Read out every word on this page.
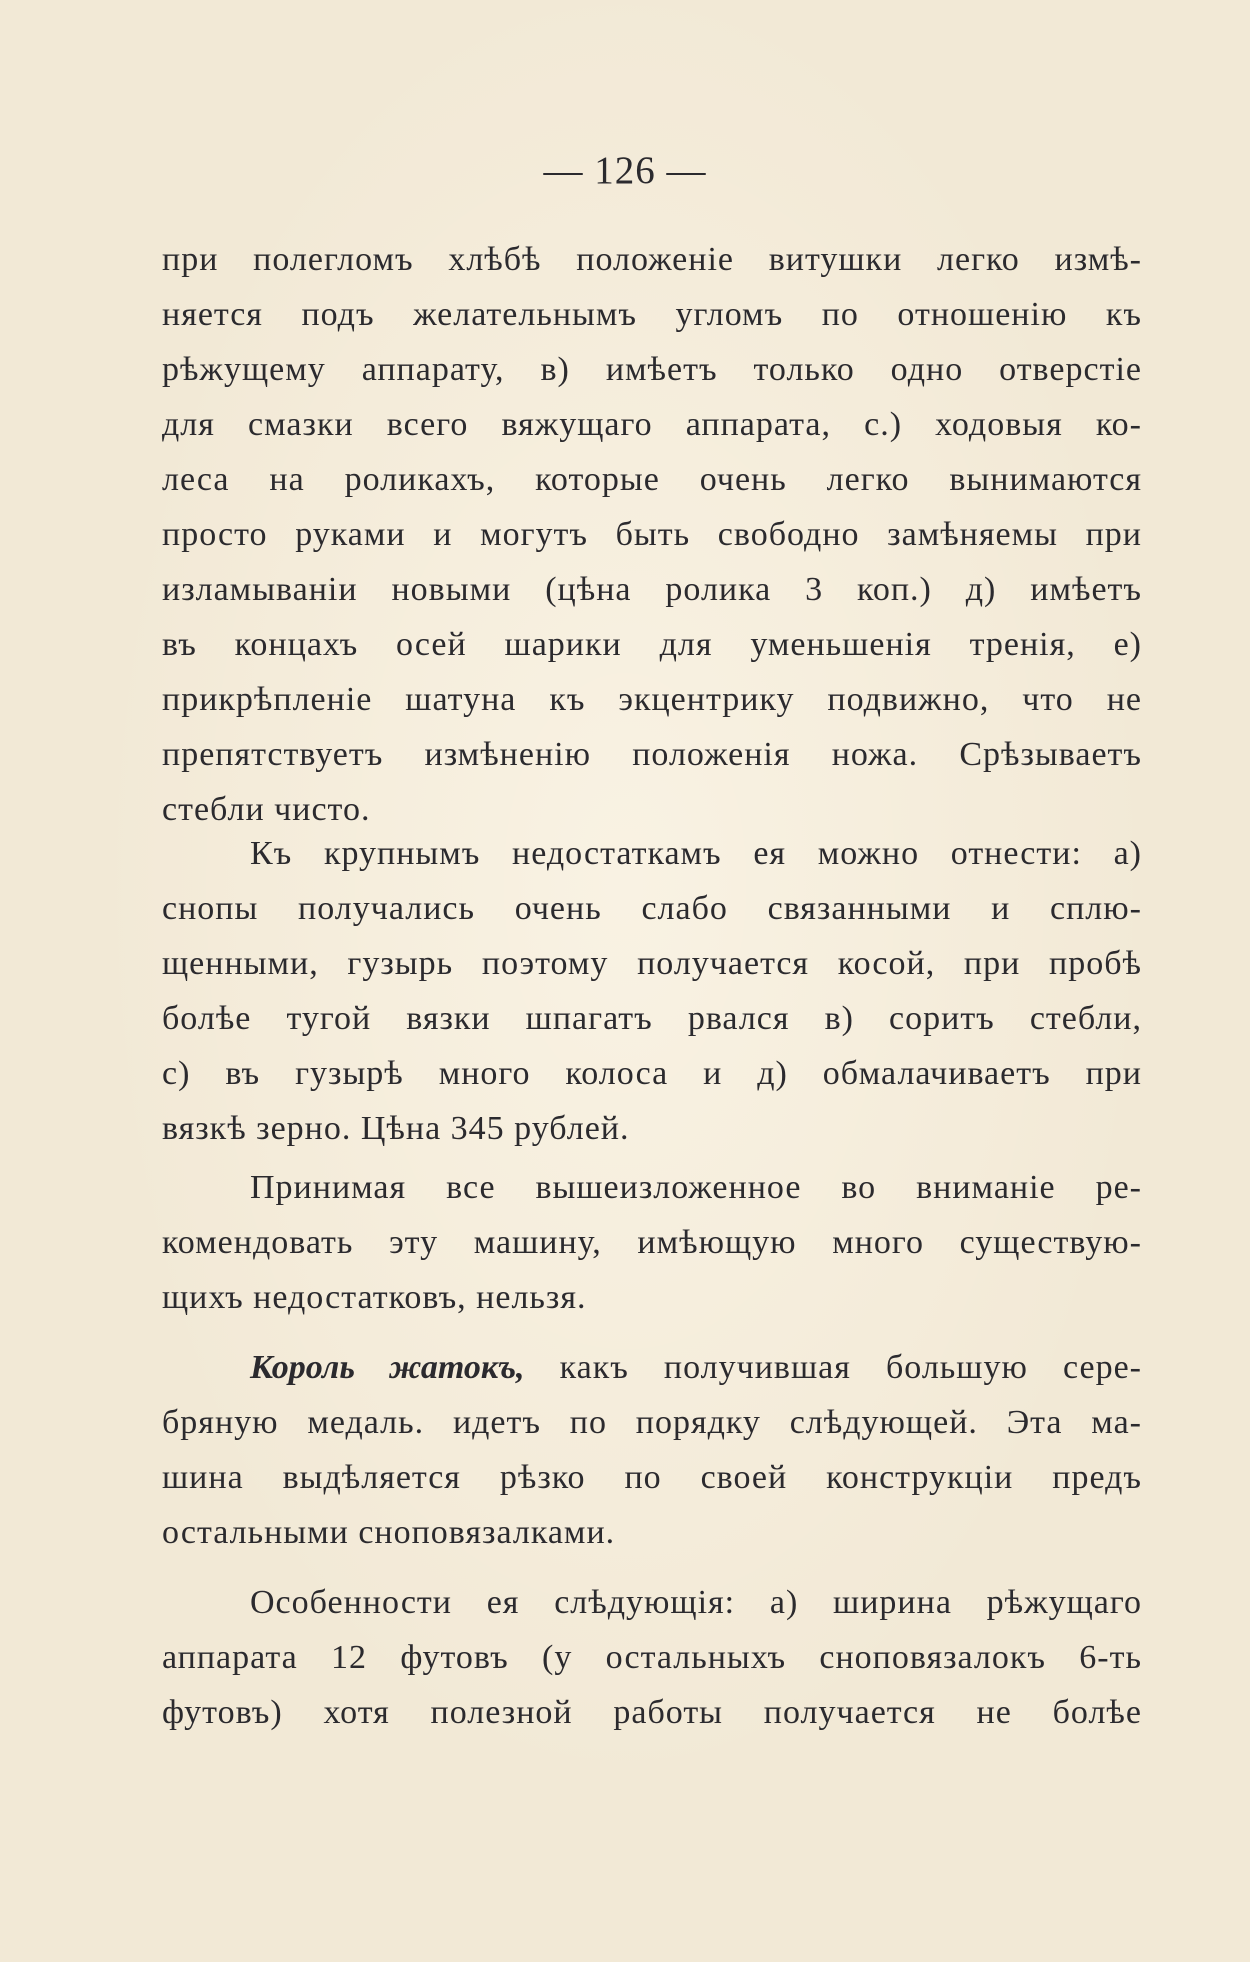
— 126 —
при полегломъ хлѣбѣ положеніе витушки легко измѣ-
няется подъ желательнымъ угломъ по отношенію къ
рѣжущему аппарату, в) имѣетъ только одно отверстіе
для смазки всего вяжущаго аппарата, с.) ходовыя ко-
леса на роликахъ, которые очень легко вынимаются
просто руками и могутъ быть свободно замѣняемы при
изламываніи новыми (цѣна ролика 3 коп.) д) имѣетъ
въ концахъ осей шарики для уменьшенія тренія, е)
прикрѣпленіе шатуна къ экцентрику подвижно, что не
препятствуетъ измѣненію положенія ножа. Срѣзываетъ
стебли чисто.
Къ крупнымъ недостаткамъ ея можно отнести: а)
снопы получались очень слабо связанными и сплю-
щенными, гузырь поэтому получается косой, при пробѣ
болѣе тугой вязки шпагатъ рвался в) соритъ стебли,
с) въ гузырѣ много колоса и д) обмалачиваетъ при
вязкѣ зерно. Цѣна 345 рублей.
Принимая все вышеизложенное во вниманіе ре-
комендовать эту машину, имѣющую много существую-
щихъ недостатковъ, нельзя.
Король жатокъ, какъ получившая большую сере-
бряную медаль. идетъ по порядку слѣдующей. Эта ма-
шина выдѣляется рѣзко по своей конструкціи предъ
остальными сноповязалками.
Особенности ея слѣдующія: а) ширина рѣжущаго
аппарата 12 футовъ (у остальныхъ сноповязалокъ 6-ть
футовъ) хотя полезной работы получается не болѣе
